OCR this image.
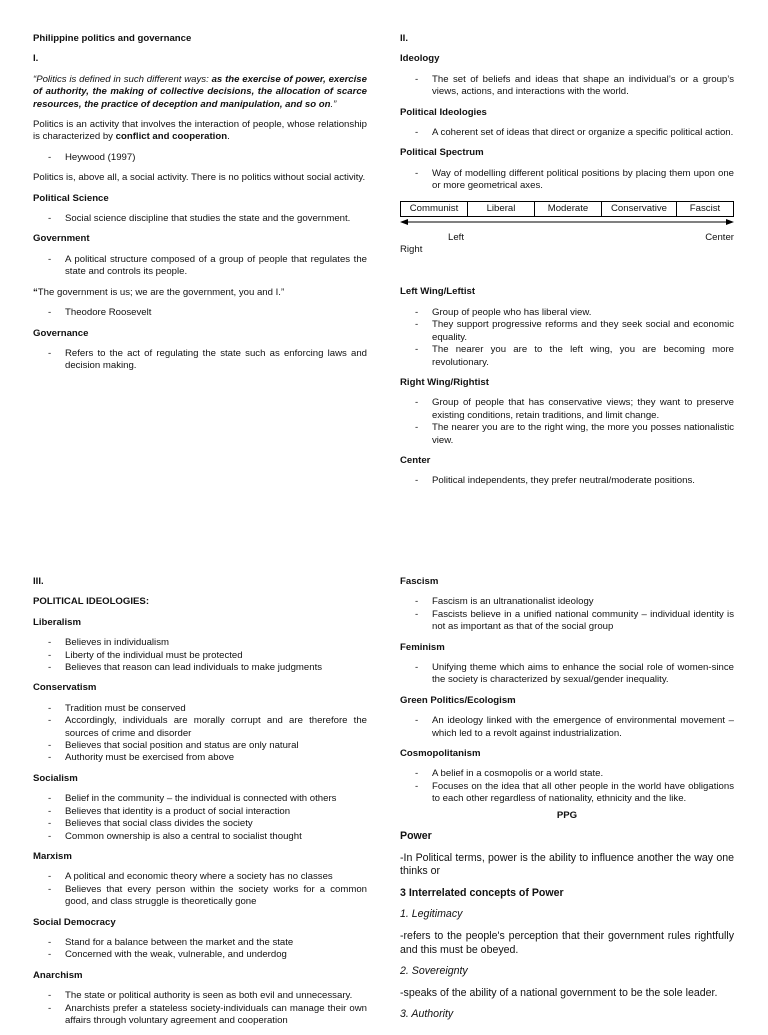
Philippine politics and governance
I.

“Politics is defined in such different ways: as the exercise of power, exercise of authority, the making of collective decisions, the allocation of scarce resources, the practice of deception and manipulation, and so on.”

Politics is an activity that involves the interaction of people, whose relationship is characterized by conflict and cooperation.

- Heywood (1997)

Politics is, above all, a social activity. There is no politics without social activity.

Political Science
- Social science discipline that studies the state and the government.
Government
- A political structure composed of a group of people that regulates the state and controls its people.

“The government is us; we are the government, you and I.”

- Theodore Roosevelt
Governance
- Refers to the act of regulating the state such as enforcing laws and decision making.
II.
Ideology
- The set of beliefs and ideas that shape an individual’s or a group’s views, actions, and interactions with the world.
Political Ideologies
- A coherent set of ideas that direct or organize a specific political action.
Political Spectrum
- Way of modelling different political positions by placing them upon one or more geometrical axes.
Communist	Liberal	Moderate	Conservative	Fascist
Left	Center
Right
Left Wing/Leftist
- Group of people who has liberal view.
- They support progressive reforms and they seek social and economic equality.
- The nearer you are to the left wing, you are becoming more revolutionary.
Right Wing/Rightist
- Group of people that has conservative views; they want to preserve existing conditions, retain traditions, and limit change.
- The nearer you are to the right wing, the more you posses nationalistic view.
Center
- Political independents, they prefer neutral/moderate positions.
III.
POLITICAL IDEOLOGIES:
Liberalism
- Believes in individualism
- Liberty of the individual must be protected
- Believes that reason can lead individuals to make judgments
Conservatism
- Tradition must be conserved
- Accordingly, individuals are morally corrupt and are therefore the sources of crime and disorder
- Believes that social position and status are only natural
- Authority must be exercised from above
Socialism
- Belief in the community – the individual is connected with others
- Believes that identity is a product of social interaction
- Believes that social class divides the society
- Common ownership is also a central to socialist thought
Marxism
- A political and economic theory where a society has no classes
- Believes that every person within the society works for a common good, and class struggle is theoretically gone
Social Democracy
- Stand for a balance between the market and the state
- Concerned with the weak, vulnerable, and underdog
Anarchism
- The state or political authority is seen as both evil and unnecessary.
- Anarchists prefer a stateless society-individuals can manage their own affairs through voluntary agreement and cooperation
Fascism
- Fascism is an ultranationalist ideology
- Fascists believe in a unified national community – individual identity is not as important as that of the social group
Feminism
- Unifying theme which aims to enhance the social role of women-since the society is characterized by sexual/gender inequality.
Green Politics/Ecologism
- An ideology linked with the emergence of environmental movement – which led to a revolt against industrialization.
Cosmopolitanism
- A belief in a cosmopolis or a world state.
- Focuses on the idea that all other people in the world have obligations to each other regardless of nationality, ethnicity and the like.
PPG
Power

-In Political terms, power is the ability to influence another the way one thinks or

3 Interrelated concepts of Power

1. Legitimacy

-refers to the people's perception that their government rules rightfully and this must be obeyed.

2. Sovereignty

-speaks of the ability of a national government to be the sole leader.

3. Authority
